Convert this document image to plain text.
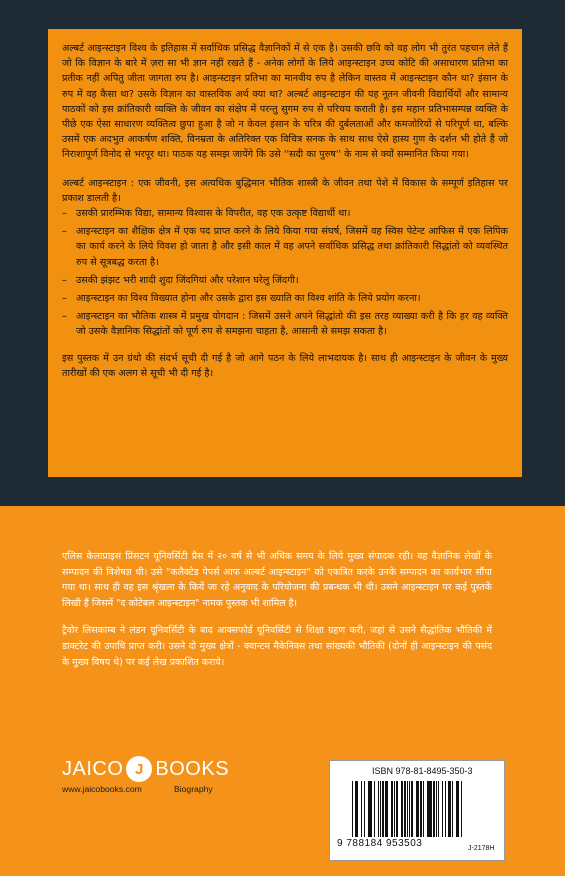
अल्बर्ट आइन्स्टाइन विश्व के इतिहास में सर्वाधिक प्रसिद्ध वैज्ञानिकों में से एक है। उसकी छवि को वह लोग भी तुरंत पहचान लेते हैं जो कि विज्ञान के बारे में ज़रा सा भी ज्ञान नहीं रखते हैं - अनेक लोगों के लिये आइन्स्टाइन उच्च कोटि की असाधारण प्रतिभा का प्रतीक नहीं अपितु जीता जागता रुप है। आइन्स्टाइन प्रतिभा का मानवीय रुप है लेकिन वास्तव में आइन्स्टाइन कौन था? इंसान के रुप में वह कैसा था? उसके विज्ञान का वास्तविक अर्थ क्या था? अल्बर्ट आइन्स्टाइन की यह नूतन जीवनी विद्यार्थियों और सामान्य पाठकों को इस क्रांतिकारी व्यक्ति के जीवन का संक्षेप में परन्तु सुगम रुप से परिचय कराती है। इस महान प्रतिभासम्पन्न व्यक्ति के पीछे एक ऐसा साधारण व्यक्तित्व छुपा हुआ है जो न केवल इंसान के चरित्र की दुर्बलताओं और कमजोरियों से परिपूर्ण था, बल्कि उसमें एक अदभुत आकर्षण शक्ति, विनम्रता के अतिरिक्त एक विचित्र सनक के साथ साथ ऐसे हास्य गुण के दर्शन भी होते हैं जो निराशापूर्ण विनोद से भरपूर था। पाठक यह समझ जायेंगे कि उसे ''सदी का पुरुष'' के नाम से क्यों सम्मानित किया गया।

अल्बर्ट आइन्स्टाइन : एक जीवनी, इस अत्यधिक बुद्धिमान भौतिक शास्त्री के जीवन तथा पेशे में विकास के सम्पूर्ण इतिहास पर प्रकाश डालती है।

– उसकी प्रारम्भिक विद्या, सामान्य विश्वास के विपरीत, वह एक उत्कृष्ट विद्यार्थी था।
– आइन्स्टाइन का शैक्षिक क्षेत्र में एक पद प्राप्त करने के लिये किया गया संघर्ष, जिसमें वह स्विस पेटेन्ट आफिस में एक लिपिक का कार्य करने के लिये विवश हो जाता है और इसी काल में वह अपने सर्वाधिक प्रसिद्ध तथा क्रांतिकारी सिद्धांतो को व्यवस्थित रुप से सूत्रबद्ध करता है।
– उसकी झंझट भरी शादी शुदा जिंदगियां और परेशान घरेलु जिंदगी।
– आइन्स्टाइन का विश्व विख्यात होना और उसके द्वारा इस ख्याति का विश्व शांति के लिये प्रयोग करना।
– आइन्स्टाइन का भौतिक शास्त्र में प्रमुख योगदान : जिसमें उसने अपने सिद्धांतो की इस तरह व्याख्या करी है कि हर वह व्यक्ति जो उसके वैज्ञानिक सिद्धांतों को पूर्ण रुप से समझना चाहता है, आसानी से समझ सकता है।

इस पुस्तक में उन ग्रंथो की संदर्भ सूची दी गई है जो आगे पठन के लिये लाभदायक है। साथ ही आइन्स्टाइन के जीवन के मुख्य तारीखों की एक अलग से सूची भी दी गई है।

एलिस केलाप्राइस प्रिंसटन यूनिवर्सिटी प्रैस में २० वर्ष से भी अधिक समय के लिये मुख्य संपादक रही। वह वैज्ञानिक लेखों के सम्पादन की विशेषज्ञ थी। उसे "कलैक्टेड पेपर्स आफ अल्बर्ट आइन्स्टाइन" को एकत्रित करके उनके सम्पादन का कार्यभार सौंपा गया था। साथ ही वह इस श्रृंखला के कियें जा रहे अनुवाद के परियोजना की प्रबन्धक भी थी। उसने आइन्स्टाइन पर कई पुस्तकें लिखी हैं जिसमें "द कोटेबल आइन्स्टाइन" नामक पुस्तक भी शामिल है।

ट्रैवोर लिसकाम्ब ने लंडन यूनिवर्सिटी के बाद आक्सफोर्ड यूनिवर्सिटी से शिक्षा ग्रहण करी, जहां से उसने सैद्धांतिक भौतिकी में डाक्टरेट की उपाधि प्राप्त करी। उसने दो मुख्य क्षेत्रों - क्वान्टम मैकेनिक्स तथा सांख्यकी भौतिकी (दोनों ही आइन्स्टाइन की पसंद के मुख्य विषय थे) पर कई लेख प्रकाशित कराये।

JAICO J BOOKS
www.jaicobooks.com	Biography
ISBN 978-81-8495-350-3
9 788184 953503	J-2178H
